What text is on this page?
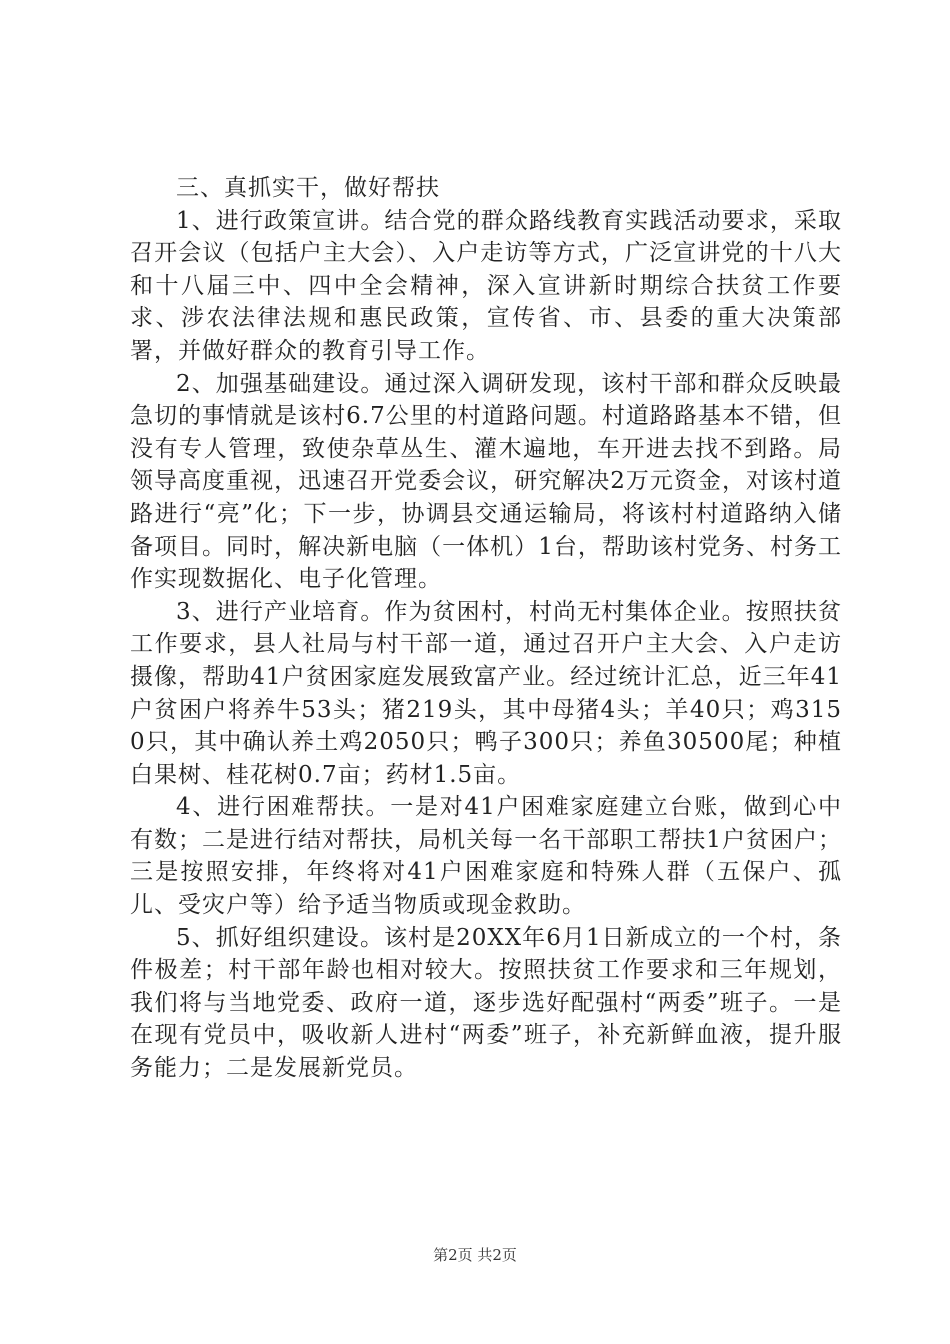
三、真抓实干，做好帮扶

1、进行政策宣讲。结合党的群众路线教育实践活动要求，采取召开会议（包括户主大会）、入户走访等方式，广泛宣讲党的十八大和十八届三中、四中全会精神，深入宣讲新时期综合扶贫工作要求、涉农法律法规和惠民政策，宣传省、市、县委的重大决策部署，并做好群众的教育引导工作。

2、加强基础建设。通过深入调研发现，该村干部和群众反映最急切的事情就是该村6.7公里的村道路问题。村道路路基本不错，但没有专人管理，致使杂草丛生、灌木遍地，车开进去找不到路。局领导高度重视，迅速召开党委会议，研究解决2万元资金，对该村道路进行“亮”化；下一步，协调县交通运输局，将该村村道路纳入储备项目。同时，解决新电脑（一体机）1台，帮助该村党务、村务工作实现数据化、电子化管理。

3、进行产业培育。作为贫困村，村尚无村集体企业。按照扶贫工作要求，县人社局与村干部一道，通过召开户主大会、入户走访摄像，帮助41户贫困家庭发展致富产业。经过统计汇总，近三年41户贫困户将养牛53头；猪219头，其中母猪4头；羊40只；鸡3150只，其中确认养土鸡2050只；鸭子300只；养鱼30500尾；种植白果树、桂花树0.7亩；药材1.5亩。

4、进行困难帮扶。一是对41户困难家庭建立台账，做到心中有数；二是进行结对帮扶，局机关每一名干部职工帮扶1户贫困户；三是按照安排，年终将对41户困难家庭和特殊人群（五保户、孤儿、受灾户等）给予适当物质或现金救助。

5、抓好组织建设。该村是20XX年6月1日新成立的一个村，条件极差；村干部年龄也相对较大。按照扶贫工作要求和三年规划，我们将与当地党委、政府一道，逐步选好配强村“两委”班子。一是在现有党员中，吸收新人进村“两委”班子，补充新鲜血液，提升服务能力；二是发展新党员。

第2页 共2页
